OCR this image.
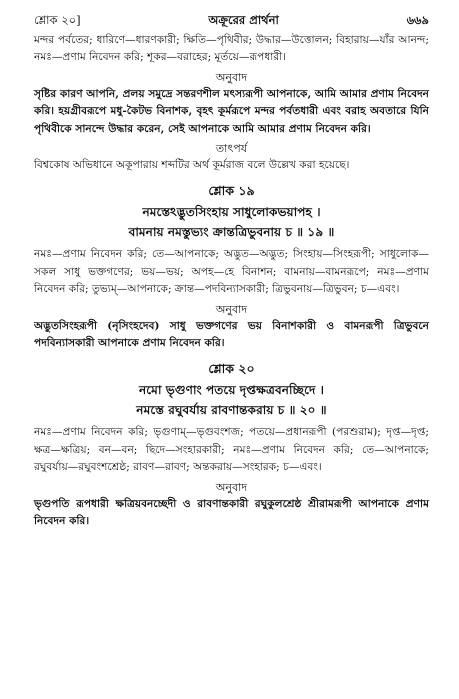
শ্লোক ২০]	অক্রূরের প্রার্থনা	৬৬৯

মন্দর পর্বতের; ধারিণে—ধারণকারী; ক্ষিতি—পৃথিবীর; উদ্ধার—উত্তোলন; বিহারায়—যাঁর আনন্দ; নমঃ—প্রণাম নিবেদন করি; শূকর—বরাহের; মূর্তয়ে—রূপধারী।

অনুবাদ

সৃষ্টির কারণ আপনি, প্রলয় সমুদ্রে সন্তরণশীল মৎস্যরূপী আপনাকে, আমি আমার প্রণাম নিবেদন করি। হয়গ্রীবরূপে মধু-কৈটভ বিনাশক, বৃহৎ কূর্মরূপে মন্দর পর্বতধারী এবং বরাহ অবতারে যিনি পৃথিবীকে সানন্দে উদ্ধার করেন, সেই আপনাকে আমি আমার প্রণাম নিবেদন করি।

তাৎপর্য

বিশ্বকোষ অভিধানে অকূপারায় শব্দটির অর্থ কূর্মরাজ বলে উল্লেখ করা হয়েছে।

শ্লোক ১৯

নমস্তেঽদ্ভুতসিংহায় সাধুলোকভয়াপহ ।

বামনায় নমস্তুভ্যং ক্রান্তত্রিভুবনায় চ ॥ ১৯ ॥

নমঃ—প্রণাম নিবেদন করি; তে—আপনাকে; অদ্ভুত—অদ্ভুত; সিংহায়—সিংহরূপী; সাধুলোক—সকল সাধু ভক্তগণের; ভয়—ভয়; অপহ—হে বিনাশন; বামনায়—বামনরূপে; নমঃ—প্রণাম নিবেদন করি; তুভ্যম্—আপনাকে; ক্রান্ত—পদবিন্যাসকারী; ত্রিভুবনায়—ত্রিভুবন; চ—এবং।

অনুবাদ

অদ্ভুতসিংহরূপী (নৃসিংহদেব) সাধু ভক্তগণের ভয় বিনাশকারী ও বামনরূপী ত্রিভুবনে পদবিন্যাসকারী আপনাকে প্রণাম নিবেদন করি।

শ্লোক ২০

নমো ভৃগুণাং পতয়ে দৃপ্তক্ষত্রবনচ্ছিদে ।

নমস্তে রঘুবর্যায় রাবণান্তকরায় চ ॥ ২০ ॥

নমঃ—প্রণাম নিবেদন করি; ভৃগুণাম্—ভৃগুবংশজ; পতয়ে—প্রধানরূপী (পরশুরাম); দৃপ্ত—দৃপ্ত; ক্ষত্র—ক্ষত্রিয়; বন—বন; ছিদে—সংহারকারী; নমঃ—প্রণাম নিবেদন করি; তে—আপনাকে; রঘুবর্যায়—রঘুবংশশ্রেষ্ঠ; রাবণ—রাবণ; অন্তকরায়—সংহারক; চ—এবং।

অনুবাদ

ভৃগুপতি রূপধারী ক্ষত্রিয়বনচ্ছেদী ও রাবণান্তকারী রঘুকুলশ্রেষ্ঠ শ্রীরামরূপী আপনাকে প্রণাম নিবেদন করি।
